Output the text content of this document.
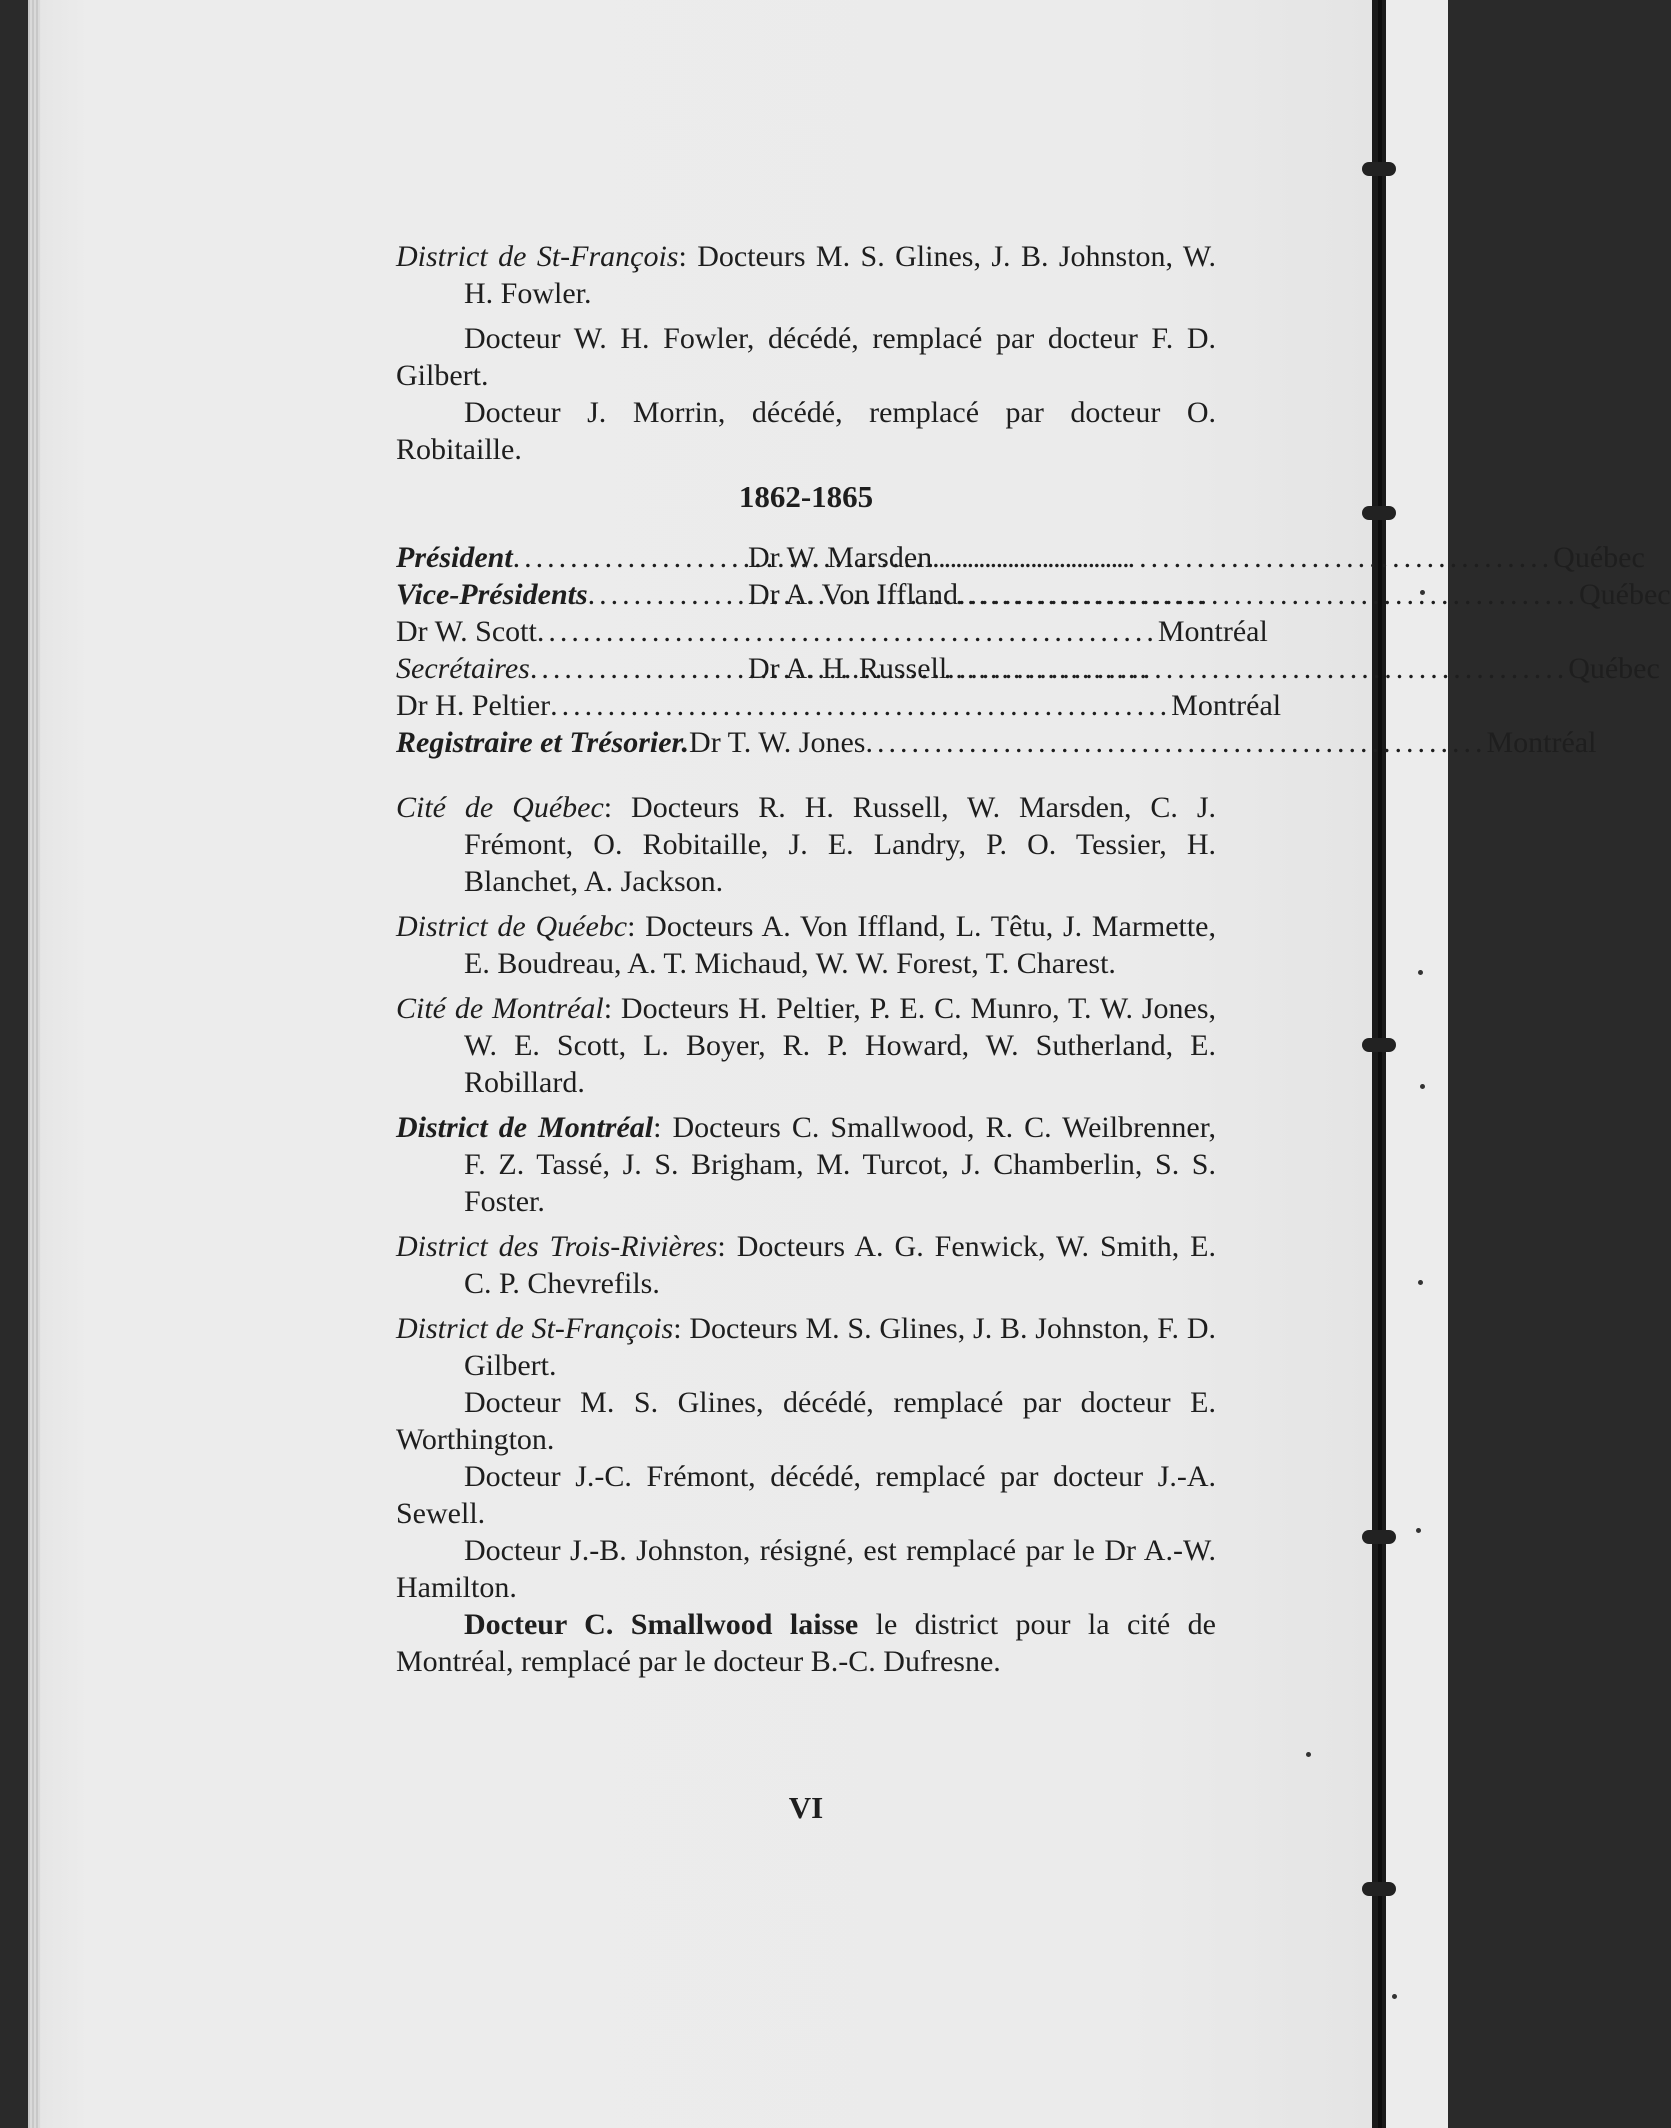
District de St-François: Docteurs M. S. Glines, J. B. Johnston, W. H. Fowler.

Docteur W. H. Fowler, décédé, remplacé par docteur F. D. Gilbert.

Docteur J. Morrin, décédé, remplacé par docteur O. Robitaille.

1862-1865

Président .....	Dr W. Marsden .....	Québec
Vice-Présidents .....	Dr A. Von Iffland .....	Québec
Dr W. Scott .....	Montréal
Secrétaires .....	Dr A. H. Russell .....	Québec
Dr H. Peltier .....	Montréal
Registraire et Trésorier. Dr T. W. Jones .....	Montréal

Cité de Québec: Docteurs R. H. Russell, W. Marsden, C. J. Frémont, O. Robitaille, J. E. Landry, P. O. Tessier, H. Blanchet, A. Jackson.

District de Quéebc: Docteurs A. Von Iffland, L. Têtu, J. Marmette, E. Boudreau, A. T. Michaud, W. W. Forest, T. Charest.

Cité de Montréal: Docteurs H. Peltier, P. E. C. Munro, T. W. Jones, W. E. Scott, L. Boyer, R. P. Howard, W. Sutherland, E. Robillard.

District de Montréal: Docteurs C. Smallwood, R. C. Weilbrenner, F. Z. Tassé, J. S. Brigham, M. Turcot, J. Chamberlin, S. S. Foster.

District des Trois-Rivières: Docteurs A. G. Fenwick, W. Smith, E. C. P. Chevrefils.

District de St-François: Docteurs M. S. Glines, J. B. Johnston, F. D. Gilbert.

Docteur M. S. Glines, décédé, remplacé par docteur E. Worthington.

Docteur J.-C. Frémont, décédé, remplacé par docteur J.-A. Sewell.

Docteur J.-B. Johnston, résigné, est remplacé par le Dr A.-W. Hamilton.

Docteur C. Smallwood laisse le district pour la cité de Montréal, remplacé par le docteur B.-C. Dufresne.

VI
